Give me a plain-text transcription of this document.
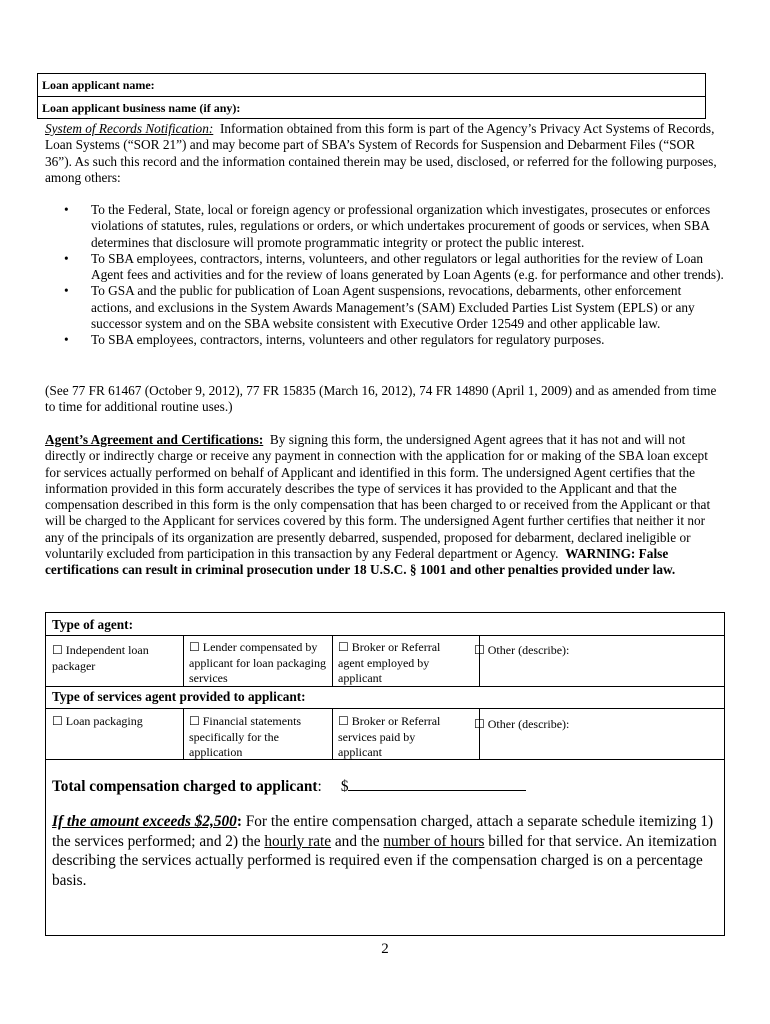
Loan applicant name:
Loan applicant business name (if any):
System of Records Notification: Information obtained from this form is part of the Agency’s Privacy Act Systems of Records, Loan Systems (“SOR 21”) and may become part of SBA’s System of Records for Suspension and Debarment Files (“SOR 36”). As such this record and the information contained therein may be used, disclosed, or referred for the following purposes, among others:
• To the Federal, State, local or foreign agency or professional organization which investigates, prosecutes or enforces violations of statutes, rules, regulations or orders, or which undertakes procurement of goods or services, when SBA determines that disclosure will promote programmatic integrity or protect the public interest.
• To SBA employees, contractors, interns, volunteers, and other regulators or legal authorities for the review of Loan Agent fees and activities and for the review of loans generated by Loan Agents (e.g. for performance and other trends).
• To GSA and the public for publication of Loan Agent suspensions, revocations, debarments, other enforcement actions, and exclusions in the System Awards Management’s (SAM) Excluded Parties List System (EPLS) or any successor system and on the SBA website consistent with Executive Order 12549 and other applicable law.
• To SBA employees, contractors, interns, volunteers and other regulators for regulatory purposes.
(See 77 FR 61467 (October 9, 2012), 77 FR 15835 (March 16, 2012), 74 FR 14890 (April 1, 2009) and as amended from time to time for additional routine uses.)
Agent’s Agreement and Certifications: By signing this form, the undersigned Agent agrees that it has not and will not directly or indirectly charge or receive any payment in connection with the application for or making of the SBA loan except for services actually performed on behalf of Applicant and identified in this form. The undersigned Agent certifies that the information provided in this form accurately describes the type of services it has provided to the Applicant and that the compensation described in this form is the only compensation that has been charged to or received from the Applicant or that will be charged to the Applicant for services covered by this form. The undersigned Agent further certifies that neither it nor any of the principals of its organization are presently debarred, suspended, proposed for debarment, declared ineligible or voluntarily excluded from participation in this transaction by any Federal department or Agency. WARNING: False certifications can result in criminal prosecution under 18 U.S.C. § 1001 and other penalties provided under law.
Type of agent:
☐ Independent loan packager
☐ Lender compensated by applicant for loan packaging services
☐ Broker or Referral agent employed by applicant
☐ Other (describe):
Type of services agent provided to applicant:
☐ Loan packaging	☐ Financial statements specifically for the application
☐ Broker or Referral services paid by applicant
☐ Other (describe):
Total compensation charged to applicant: $
If the amount exceeds $2,500: For the entire compensation charged, attach a separate schedule itemizing 1) the services performed; and 2) the hourly rate and the number of hours billed for that service. An itemization describing the services actually performed is required even if the compensation charged is on a percentage basis.
2
